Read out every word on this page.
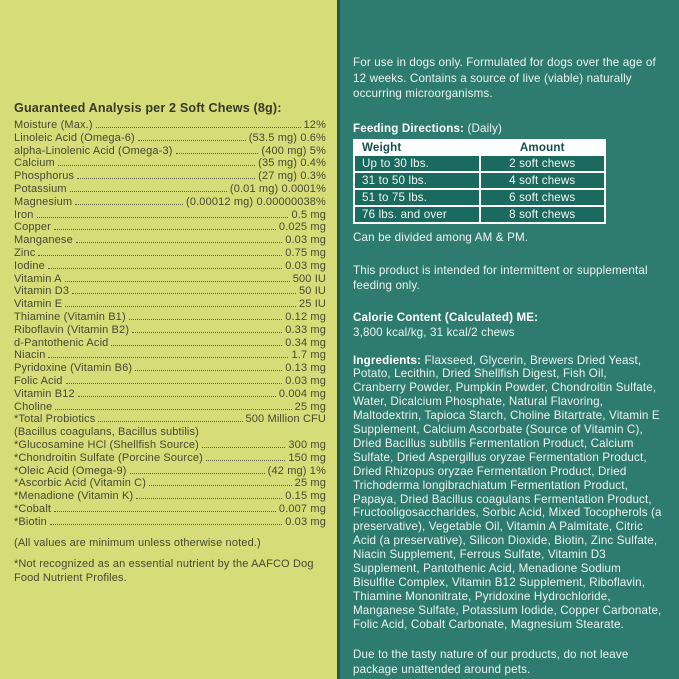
Guaranteed Analysis per 2 Soft Chews (8g):
Moisture (Max.)	12%
Linoleic Acid (Omega-6)	(53.5 mg) 0.6%
alpha-Linolenic Acid (Omega-3)	(400 mg) 5%
Calcium	(35 mg) 0.4%
Phosphorus	(27 mg) 0.3%
Potassium	(0.01 mg) 0.0001%
Magnesium	(0.00012 mg) 0.00000038%
Iron	0.5 mg
Copper	0.025 mg
Manganese	0.03 mg
Zinc	0.75 mg
Iodine	0.03 mg
Vitamin A	500 IU
Vitamin D3	50 IU
Vitamin E	25 IU
Thiamine (Vitamin B1)	0.12 mg
Riboflavin (Vitamin B2)	0.33 mg
d-Pantothenic Acid	0.34 mg
Niacin	1.7 mg
Pyridoxine (Vitamin B6)	0.13 mg
Folic Acid	0.03 mg
Vitamin B12	0.004 mg
Choline	25 mg
*Total Probiotics	500 Million CFU
(Bacillus coagulans, Bacillus subtilis)
*Glucosamine HCl (Shellfish Source)	300 mg
*Chondroitin Sulfate (Porcine Source)	150 mg
*Oleic Acid (Omega-9)	(42 mg) 1%
*Ascorbic Acid (Vitamin C)	25 mg
*Menadione (Vitamin K)	0.15 mg
*Cobalt	0.007 mg
*Biotin	0.03 mg

(All values are minimum unless otherwise noted.)

*Not recognized as an essential nutrient by the AAFCO Dog Food Nutrient Profiles.

For use in dogs only. Formulated for dogs over the age of 12 weeks. Contains a source of live (viable) naturally occurring microorganisms.

Feeding Directions: (Daily)

Weight	Amount
Up to 30 lbs.	2 soft chews
31 to 50 lbs.	4 soft chews
51 to 75 lbs.	6 soft chews
76 lbs. and over	8 soft chews

Can be divided among AM & PM.

This product is intended for intermittent or supplemental feeding only.

Calorie Content (Calculated) ME:
3,800 kcal/kg, 31 kcal/2 chews

Ingredients: Flaxseed, Glycerin, Brewers Dried Yeast, Potato, Lecithin, Dried Shellfish Digest, Fish Oil, Cranberry Powder, Pumpkin Powder, Chondroitin Sulfate, Water, Dicalcium Phosphate, Natural Flavoring, Maltodextrin, Tapioca Starch, Choline Bitartrate, Vitamin E Supplement, Calcium Ascorbate (Source of Vitamin C), Dried Bacillus subtilis Fermentation Product, Calcium Sulfate, Dried Aspergillus oryzae Fermentation Product, Dried Rhizopus oryzae Fermentation Product, Dried Trichoderma longibrachiatum Fermentation Product, Papaya, Dried Bacillus coagulans Fermentation Product, Fructooligosaccharides, Sorbic Acid, Mixed Tocopherols (a preservative), Vegetable Oil, Vitamin A Palmitate, Citric Acid (a preservative), Silicon Dioxide, Biotin, Zinc Sulfate, Niacin Supplement, Ferrous Sulfate, Vitamin D3 Supplement, Pantothenic Acid, Menadione Sodium Bisulfite Complex, Vitamin B12 Supplement, Riboflavin, Thiamine Mononitrate, Pyridoxine Hydrochloride, Manganese Sulfate, Potassium Iodide, Copper Carbonate, Folic Acid, Cobalt Carbonate, Magnesium Stearate.

Due to the tasty nature of our products, do not leave package unattended around pets.
